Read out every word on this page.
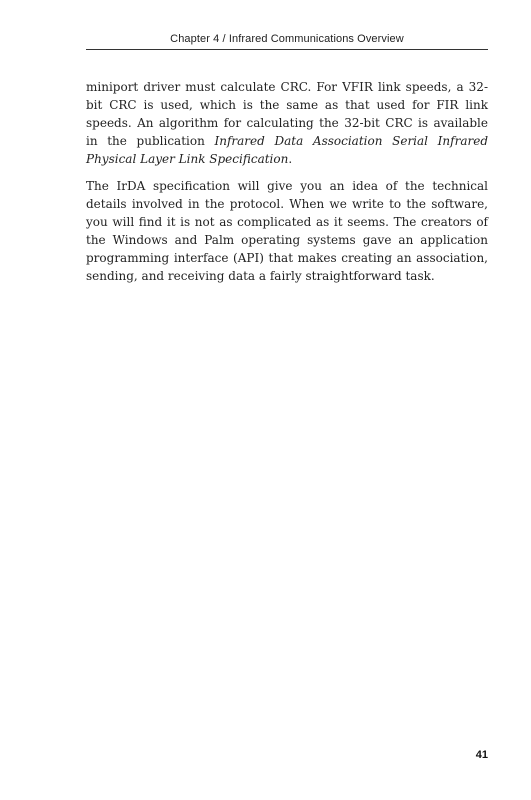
Chapter 4 / Infrared Communications Overview

miniport driver must calculate CRC. For VFIR link speeds, a 32-bit CRC is used, which is the same as that used for FIR link speeds. An algorithm for calculating the 32-bit CRC is available in the publication Infrared Data Association Serial Infrared Physical Layer Link Specification.

The IrDA specification will give you an idea of the technical details involved in the protocol. When we write to the software, you will find it is not as complicated as it seems. The creators of the Windows and Palm operating systems gave an application programming interface (API) that makes creating an association, sending, and receiving data a fairly straightforward task.

41
